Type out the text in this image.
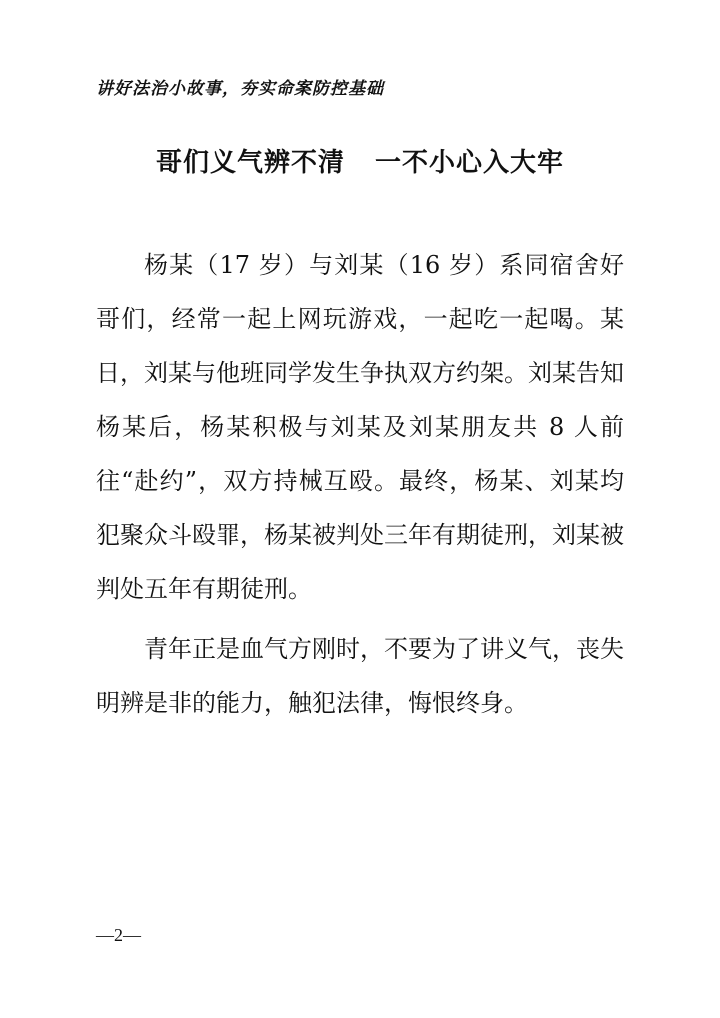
讲好法治小故事，夯实命案防控基础
哥们义气辨不清 一不小心入大牢

杨某（17 岁）与刘某（16 岁）系同宿舍好哥们，经常一起上网玩游戏，一起吃一起喝。某日，刘某与他班同学发生争执双方约架。刘某告知杨某后，杨某积极与刘某及刘某朋友共 8 人前往“赴约”，双方持械互殴。最终，杨某、刘某均犯聚众斗殴罪，杨某被判处三年有期徒刑，刘某被判处五年有期徒刑。

青年正是血气方刚时，不要为了讲义气，丧失明辨是非的能力，触犯法律，悔恨终身。

—2—
